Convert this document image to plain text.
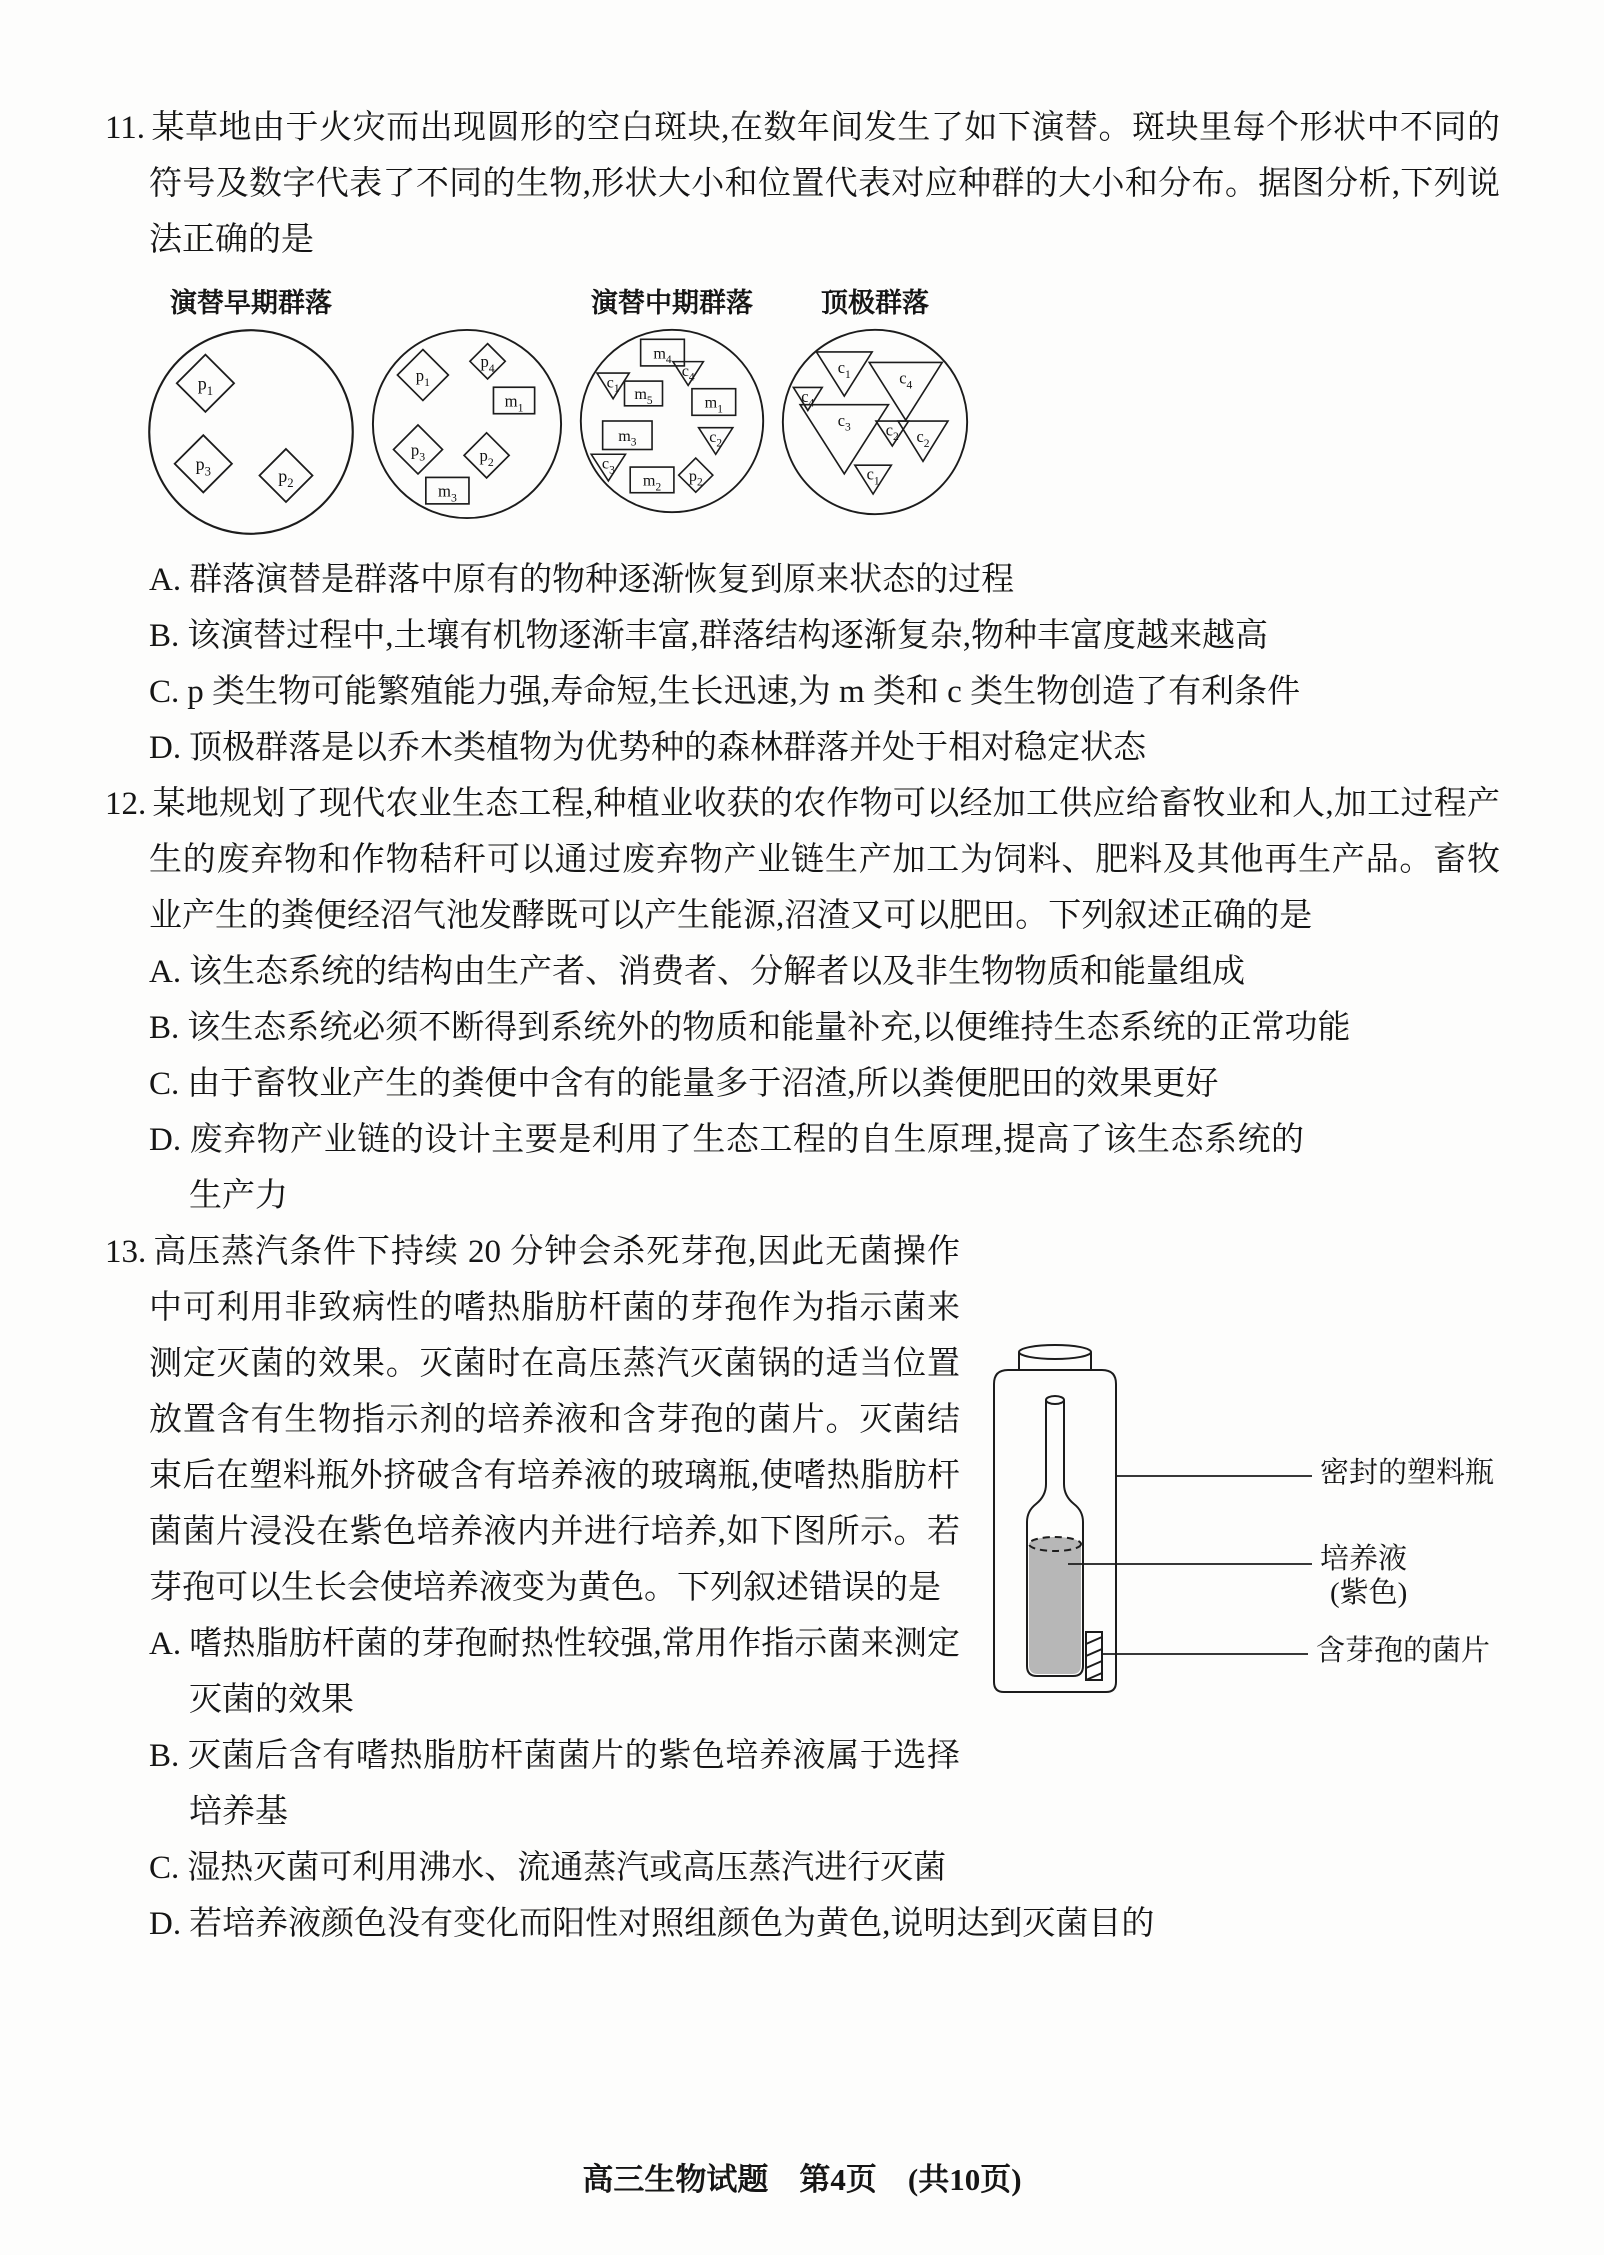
11. 某草地由于火灾而出现圆形的空白斑块,在数年间发生了如下演替。斑块里每个形状中不同的符号及数字代表了不同的生物,形状大小和位置代表对应种群的大小和分布。据图分析,下列说法正确的是
演替早期群落
$p_1$
$p_3$	$p_2$
$p_1$
$p_4$
$m_1$
$p_3$	$p_2$
$m_3$
演替中期群落
$m_4$
$c_1$ $m_5$
$c_4$
$m_1$
$m_3$	$c_2$
$c_3$
$m_2$
$p_2$
顶极群落
$c_1$
$c_4$
$c_4$
$c_3$ $c_2$ $c_2$
$c_1$
A. 群落演替是群落中原有的物种逐渐恢复到原来状态的过程
B. 该演替过程中,土壤有机物逐渐丰富,群落结构逐渐复杂,物种丰富度越来越高
C. p 类生物可能繁殖能力强,寿命短,生长迅速,为 m 类和 c 类生物创造了有利条件
D. 顶极群落是以乔木类植物为优势种的森林群落并处于相对稳定状态
12. 某地规划了现代农业生态工程,种植业收获的农作物可以经加工供应给畜牧业和人,加工过程产生的废弃物和作物秸秆可以通过废弃物产业链生产加工为饲料、肥料及其他再生产品。畜牧业产生的粪便经沼气池发酵既可以产生能源,沼渣又可以肥田。下列叙述正确的是
A. 该生态系统的结构由生产者、消费者、分解者以及非生物物质和能量组成
B. 该生态系统必须不断得到系统外的物质和能量补充,以便维持生态系统的正常功能
C. 由于畜牧业产生的粪便中含有的能量多于沼渣,所以粪便肥田的效果更好
D. 废弃物产业链的设计主要是利用了生态工程的自生原理,提高了该生态系统的生产力
密封的塑料瓶
培养液
(紫色)
含芽孢的菌片
13. 高压蒸汽条件下持续 20 分钟会杀死芽孢,因此无菌操作中可利用非致病性的嗜热脂肪杆菌的芽孢作为指示菌来测定灭菌的效果。灭菌时在高压蒸汽灭菌锅的适当位置放置含有生物指示剂的培养液和含芽孢的菌片。灭菌结束后在塑料瓶外挤破含有培养液的玻璃瓶,使嗜热脂肪杆菌菌片浸没在紫色培养液内并进行培养,如下图所示。若芽孢可以生长会使培养液变为黄色。下列叙述错误的是
A. 嗜热脂肪杆菌的芽孢耐热性较强,常用作指示菌来测定灭菌的效果
B. 灭菌后含有嗜热脂肪杆菌菌片的紫色培养液属于选择培养基
C. 湿热灭菌可利用沸水、流通蒸汽或高压蒸汽进行灭菌
D. 若培养液颜色没有变化而阳性对照组颜色为黄色,说明达到灭菌目的
高三生物试题　第4页　(共10页)
